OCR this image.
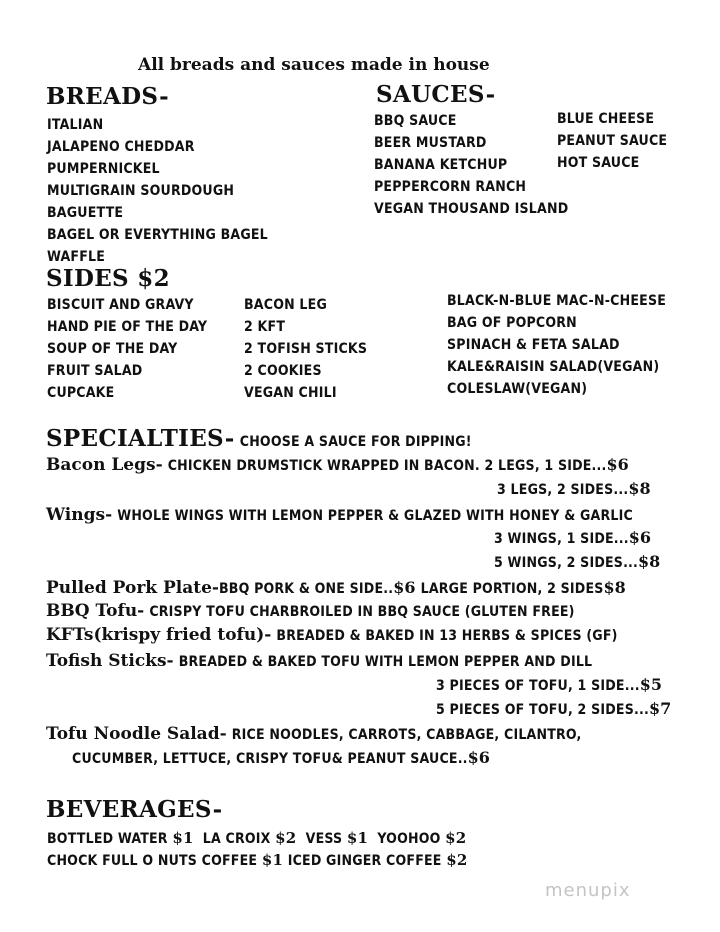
All breads and sauces made in house
BREADS-
ITALIAN
JALAPENO CHEDDAR
PUMPERNICKEL
MULTIGRAIN SOURDOUGH
BAGUETTE
BAGEL OR EVERYTHING BAGEL
WAFFLE
SAUCES-
BBQ SAUCE
BEER MUSTARD
BANANA KETCHUP
PEPPERCORN RANCH
VEGAN THOUSAND ISLAND
BLUE CHEESE
PEANUT SAUCE
HOT SAUCE
SIDES $2
BISCUIT AND GRAVY
HAND PIE OF THE DAY
SOUP OF THE DAY
FRUIT SALAD
CUPCAKE
BACON LEG
2 KFT
2 TOFISH STICKS
2 COOKIES
VEGAN CHILI
BLACK-N-BLUE MAC-N-CHEESE
BAG OF POPCORN
SPINACH & FETA SALAD
KALE&RAISIN SALAD(VEGAN)
COLESLAW(VEGAN)
SPECIALTIES- CHOOSE A SAUCE FOR DIPPING!
Bacon Legs- CHICKEN DRUMSTICK WRAPPED IN BACON. 2 LEGS, 1 SIDE...$6
3 LEGS, 2 SIDES...$8
Wings- WHOLE WINGS WITH LEMON PEPPER & GLAZED WITH HONEY & GARLIC
3 WINGS, 1 SIDE...$6
5 WINGS, 2 SIDES...$8
Pulled Pork Plate-BBQ PORK & ONE SIDE..$6 LARGE PORTION, 2 SIDES$8
BBQ Tofu- CRISPY TOFU CHARBROILED IN BBQ SAUCE (GLUTEN FREE)
KFTs(krispy fried tofu)- BREADED & BAKED IN 13 HERBS & SPICES (GF)
Tofish Sticks- BREADED & BAKED TOFU WITH LEMON PEPPER AND DILL
3 PIECES OF TOFU, 1 SIDE...$5
5 PIECES OF TOFU, 2 SIDES...$7
Tofu Noodle Salad- RICE NOODLES, CARROTS, CABBAGE, CILANTRO,
CUCUMBER, LETTUCE, CRISPY TOFU& PEANUT SAUCE..$6
BEVERAGES-
BOTTLED WATER $1 LA CROIX $2 VESS $1 YOOHOO $2
CHOCK FULL O NUTS COFFEE $1 ICED GINGER COFFEE $2
menupix
